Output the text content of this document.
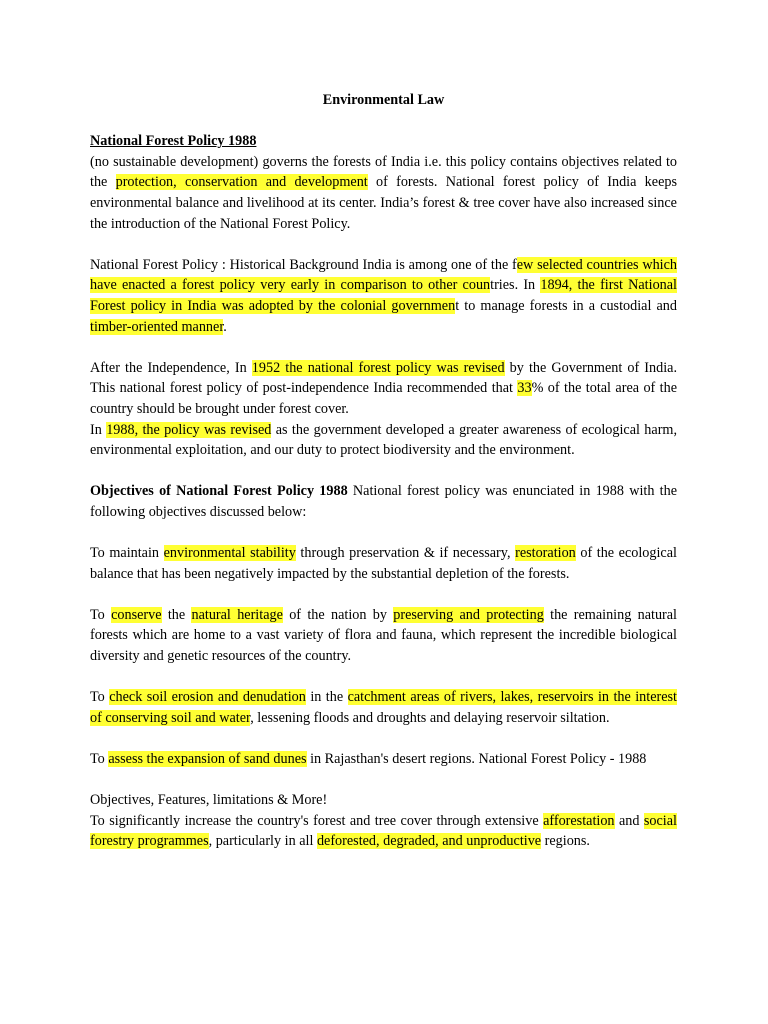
Environmental Law

National Forest Policy 1988
(no sustainable development) governs the forests of India i.e. this policy contains objectives related to the protection, conservation and development of forests. National forest policy of India keeps environmental balance and livelihood at its center. India’s forest & tree cover have also increased since the introduction of the National Forest Policy.

National Forest Policy : Historical Background India is among one of the few selected countries which have enacted a forest policy very early in comparison to other countries. In 1894, the first National Forest policy in India was adopted by the colonial government to manage forests in a custodial and timber-oriented manner.

After the Independence, In 1952 the national forest policy was revised by the Government of India. This national forest policy of post-independence India recommended that 33% of the total area of the country should be brought under forest cover.

In 1988, the policy was revised as the government developed a greater awareness of ecological harm, environmental exploitation, and our duty to protect biodiversity and the environment.

Objectives of National Forest Policy 1988 National forest policy was enunciated in 1988 with the following objectives discussed below:

To maintain environmental stability through preservation & if necessary, restoration of the ecological balance that has been negatively impacted by the substantial depletion of the forests.

To conserve the natural heritage of the nation by preserving and protecting the remaining natural forests which are home to a vast variety of flora and fauna, which represent the incredible biological diversity and genetic resources of the country.

To check soil erosion and denudation in the catchment areas of rivers, lakes, reservoirs in the interest of conserving soil and water, lessening floods and droughts and delaying reservoir siltation.

To assess the expansion of sand dunes in Rajasthan's desert regions. National Forest Policy - 1988

Objectives, Features, limitations & More!

To significantly increase the country's forest and tree cover through extensive afforestation and social forestry programmes, particularly in all deforested, degraded, and unproductive regions.
